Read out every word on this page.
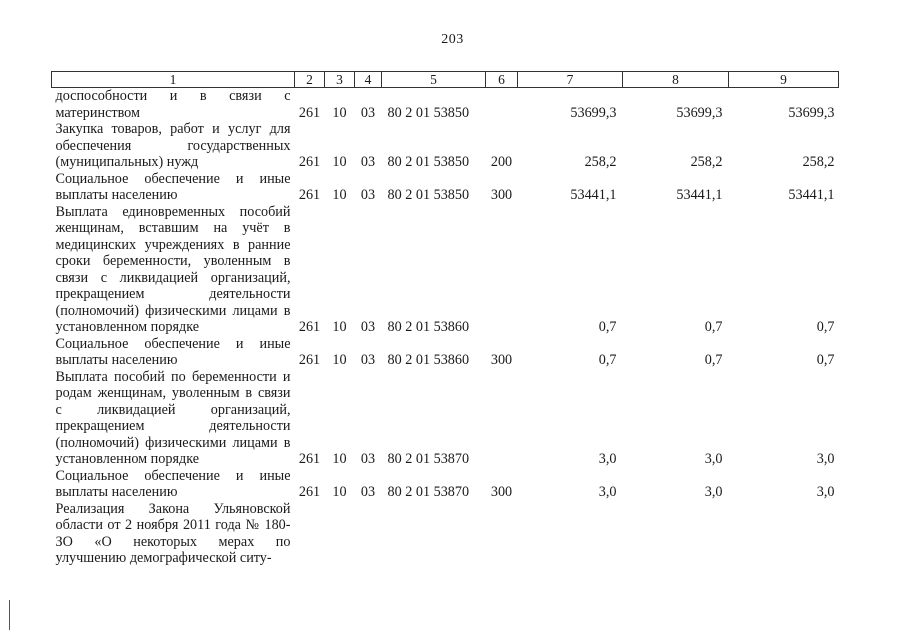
203
1	2	3	4	5	6	7	8	9
доспособности и в связи с материнством	261	10	03	80 2 01 53850		53699,3	53699,3	53699,3
Закупка товаров, работ и услуг для обеспечения государственных (муниципальных) нужд	261	10	03	80 2 01 53850	200	258,2	258,2	258,2
Социальное обеспечение и иные выплаты населению	261	10	03	80 2 01 53850	300	53441,1	53441,1	53441,1
Выплата единовременных пособий женщинам, вставшим на учёт в медицинских учреждениях в ранние сроки беременности, уволенным в связи с ликвидацией организаций, прекращением деятельности (полномочий) физическими лицами в установленном порядке	261	10	03	80 2 01 53860		0,7	0,7	0,7
Социальное обеспечение и иные выплаты населению	261	10	03	80 2 01 53860	300	0,7	0,7	0,7
Выплата пособий по беременности и родам женщинам, уволенным в связи с ликвидацией организаций, прекращением деятельности (полномочий) физическими лицами в установленном порядке	261	10	03	80 2 01 53870		3,0	3,0	3,0
Социальное обеспечение и иные выплаты населению	261	10	03	80 2 01 53870	300	3,0	3,0	3,0
Реализация Закона Ульяновской области от 2 ноября 2011 года № 180-ЗО «О некоторых мерах по улучшению демографической ситу-								
